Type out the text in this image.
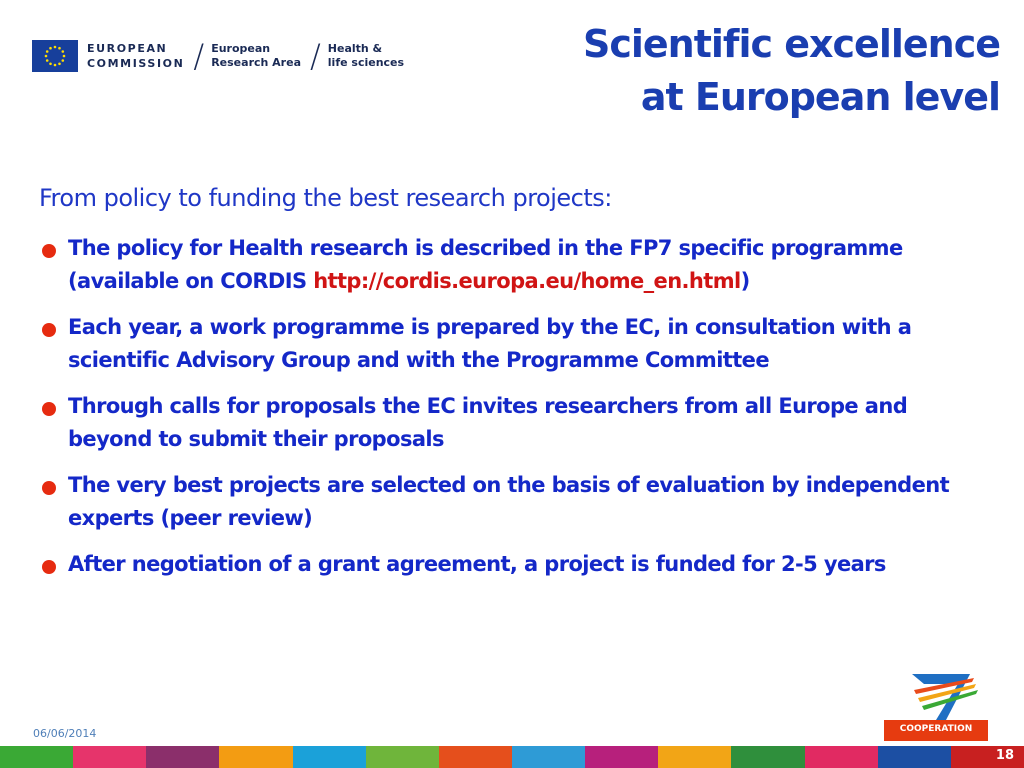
EUROPEAN
COMMISSION / European
Research Area / Health &
life sciences	Scientific excellence
at European level
From policy to funding the best research projects:
The policy for Health research is described in the FP7 specific programme (available on CORDIS http://cordis.europa.eu/home_en.html)
Each year, a work programme is prepared by the EC, in consultation with a scientific Advisory Group and with the Programme Committee
Through calls for proposals the EC invites researchers from all Europe and beyond to submit their proposals
The very best projects are selected on the basis of evaluation by independent experts (peer review)
After negotiation of a grant agreement, a project is funded for 2-5 years
06/06/2014	COOPERATION
18
